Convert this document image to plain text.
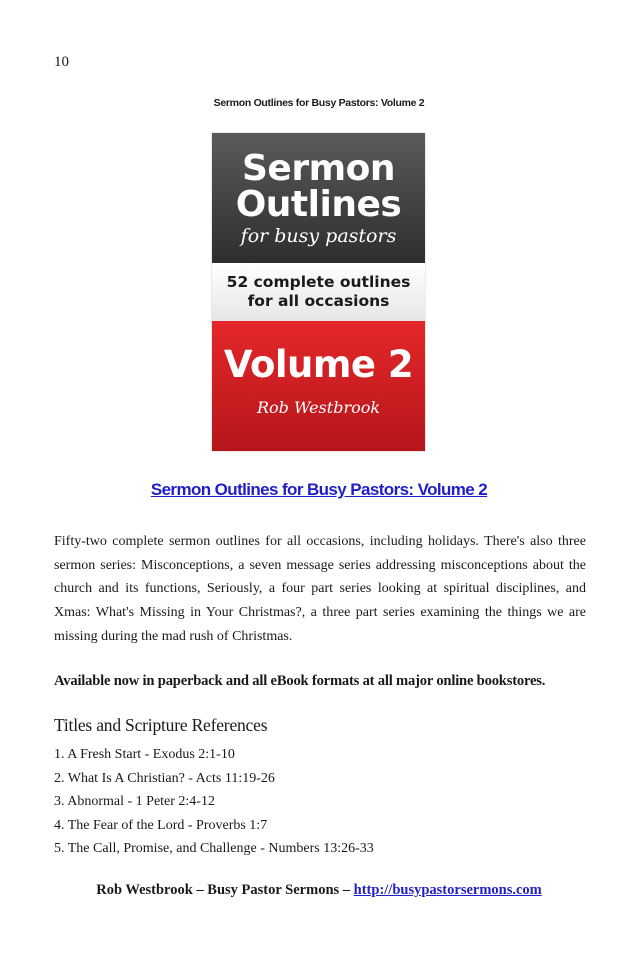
10
Sermon Outlines for Busy Pastors: Volume 2
Sermon
Outlines
for busy pastors
52 complete outlines
for all occasions
Volume 2
Rob Westbrook
Sermon Outlines for Busy Pastors: Volume 2

Fifty-two complete sermon outlines for all occasions, including holidays. There's also three sermon series: Misconceptions, a seven message series addressing misconceptions about the church and its functions, Seriously, a four part series looking at spiritual disciplines, and Xmas: What's Missing in Your Christmas?, a three part series examining the things we are missing during the mad rush of Christmas.

Available now in paperback and all eBook formats at all major online bookstores.

Titles and Scripture References
1. A Fresh Start - Exodus 2:1-10
2. What Is A Christian? - Acts 11:19-26
3. Abnormal - 1 Peter 2:4-12
4. The Fear of the Lord - Proverbs 1:7
5. The Call, Promise, and Challenge - Numbers 13:26-33
Rob Westbrook – Busy Pastor Sermons – http://busypastorsermons.com
